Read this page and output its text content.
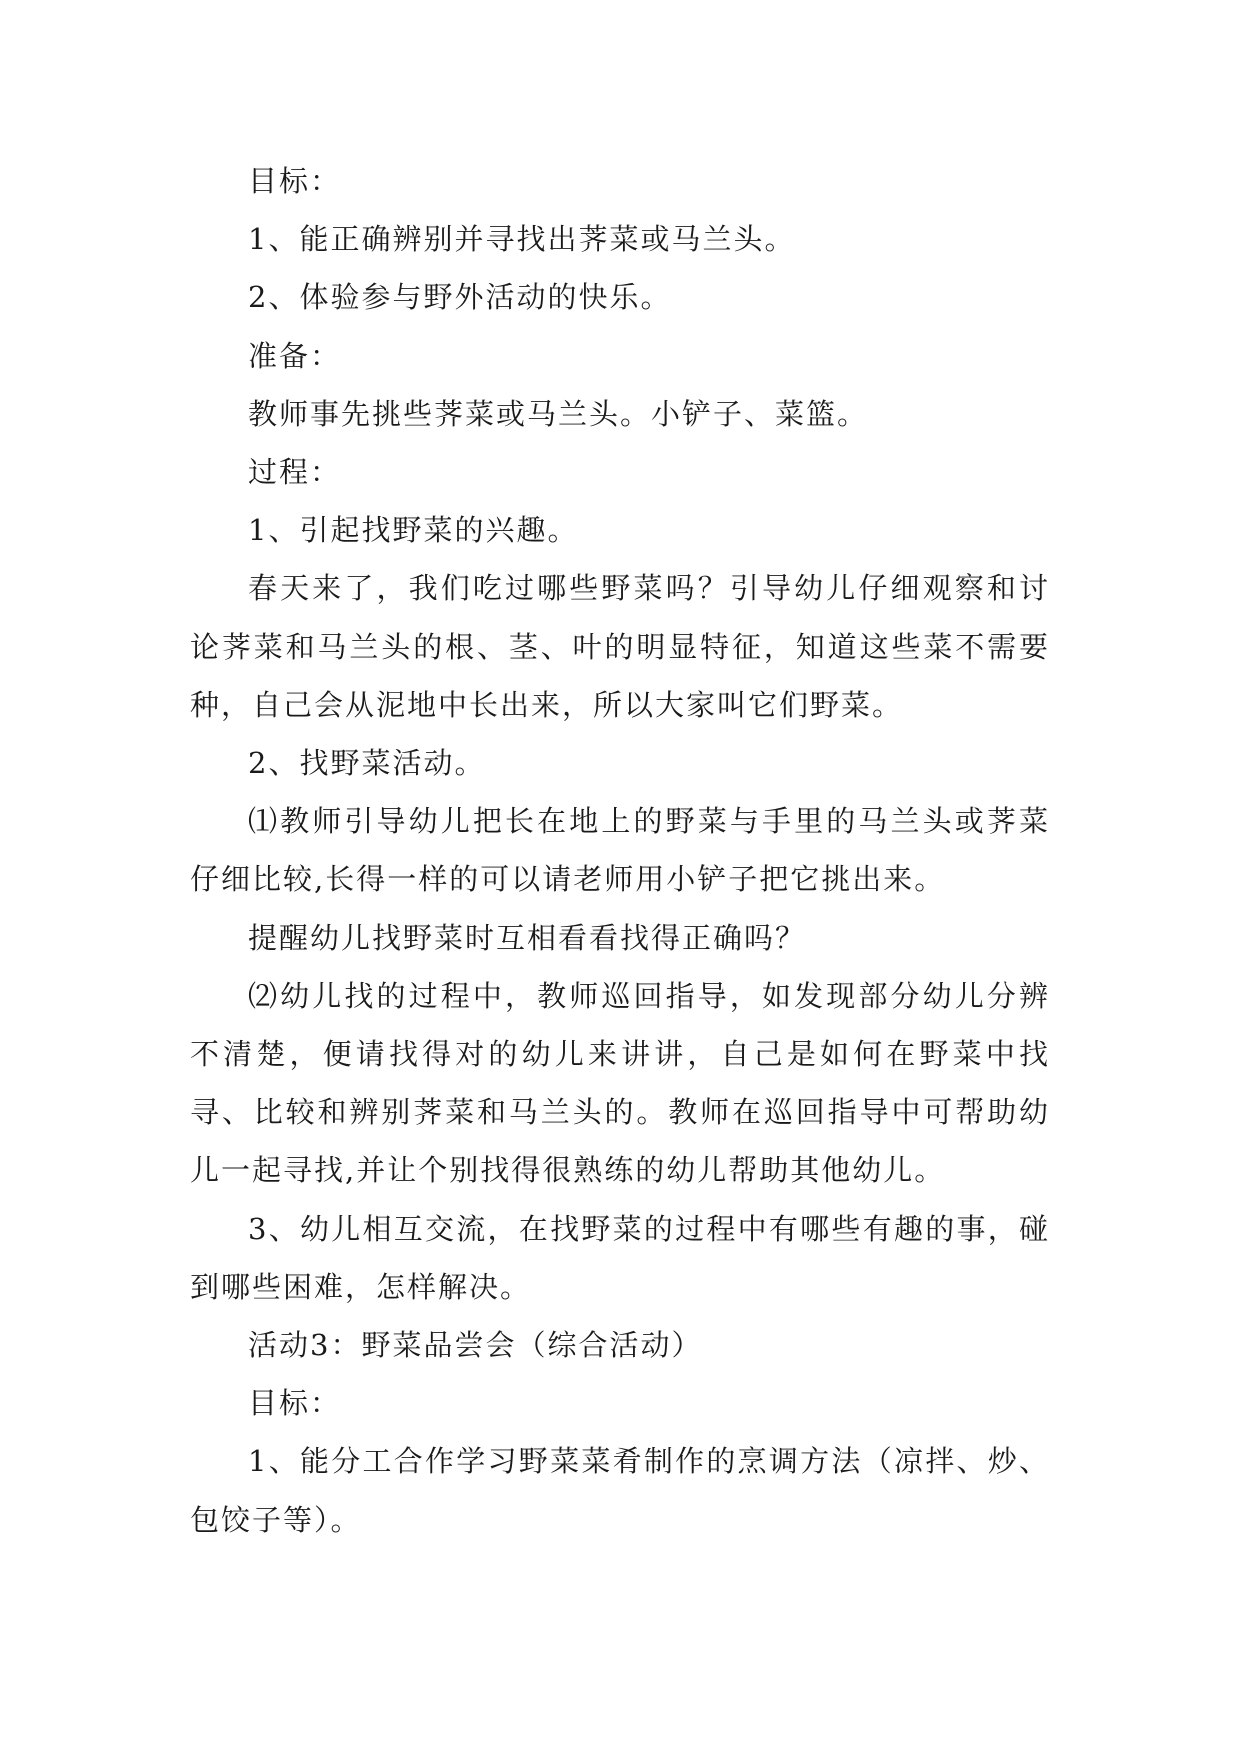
目标：

1、能正确辨别并寻找出荠菜或马兰头。

2、体验参与野外活动的快乐。

准备：

教师事先挑些荠菜或马兰头。小铲子、菜篮。

过程：

1、引起找野菜的兴趣。

春天来了，我们吃过哪些野菜吗？引导幼儿仔细观察和讨论荠菜和马兰头的根、茎、叶的明显特征，知道这些菜不需要种，自己会从泥地中长出来，所以大家叫它们野菜。

2、找野菜活动。

⑴教师引导幼儿把长在地上的野菜与手里的马兰头或荠菜仔细比较,长得一样的可以请老师用小铲子把它挑出来。

提醒幼儿找野菜时互相看看找得正确吗？

⑵幼儿找的过程中，教师巡回指导，如发现部分幼儿分辨不清楚，便请找得对的幼儿来讲讲，自己是如何在野菜中找寻、比较和辨别荠菜和马兰头的。教师在巡回指导中可帮助幼儿一起寻找,并让个别找得很熟练的幼儿帮助其他幼儿。

3、幼儿相互交流，在找野菜的过程中有哪些有趣的事，碰到哪些困难，怎样解决。

活动3：野菜品尝会（综合活动）

目标：

1、能分工合作学习野菜菜肴制作的烹调方法（凉拌、炒、包饺子等）。
